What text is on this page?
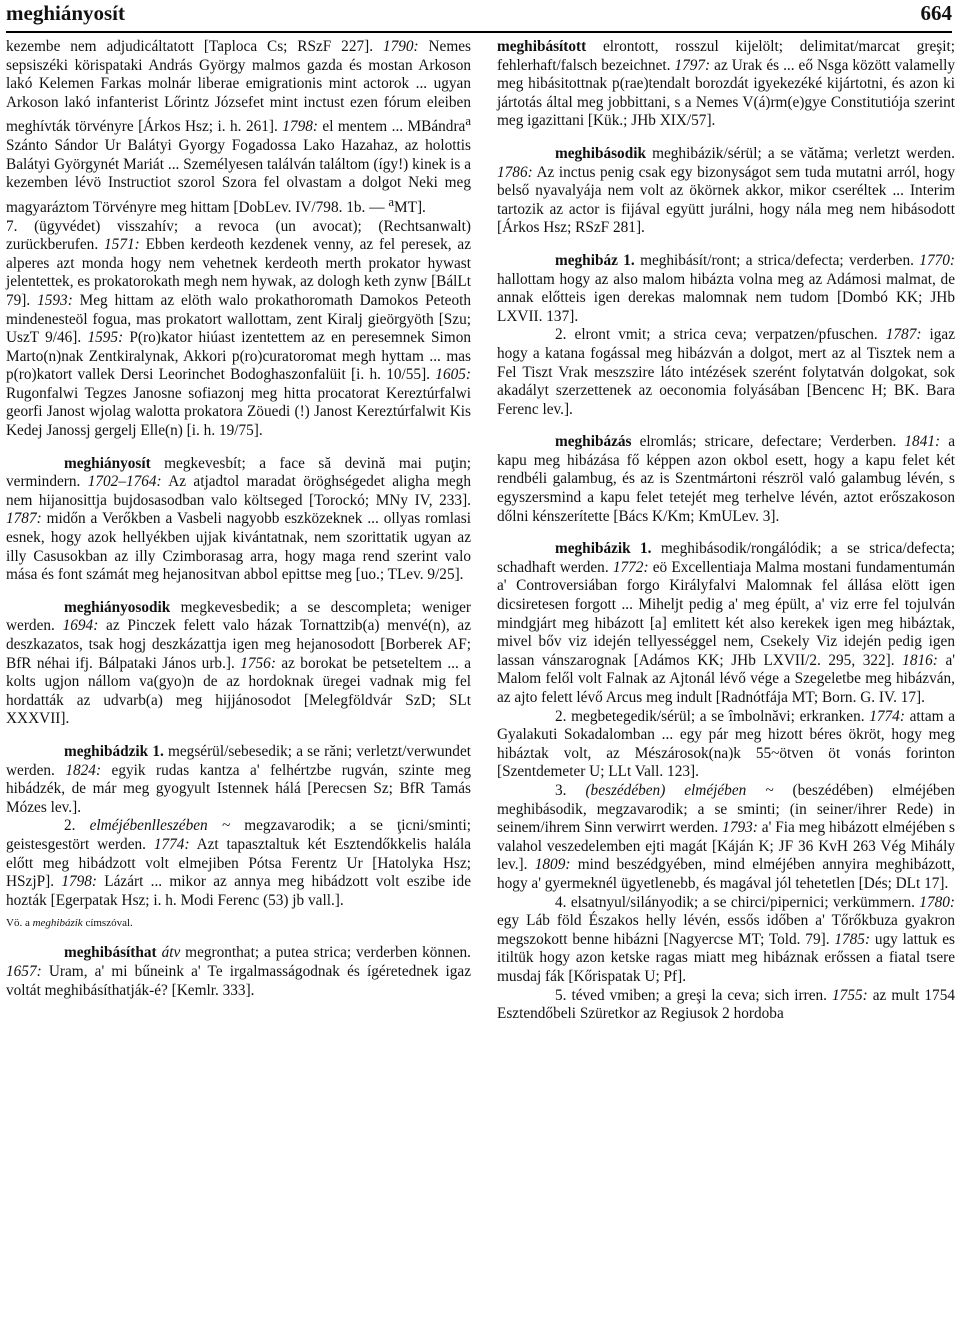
meghiányosít	664

kezembe nem adjudicáltatott [Taploca Cs; RSzF 227]. 1790: Nemes sepsiszéki körispataki András György malmos gazda és mostan Arkoson lakó Kelemen Farkas molnár liberae emigrationis mint actorok ... ugyan Arkoson lakó infanterist Lőrintz Józsefet mint inctust ezen fórum eleiben meghívták törvényre [Árkos Hsz; i. h. 261]. 1798: el mentem ... MBándra$^a$ Szánto Sándor Ur Balátyi Gyorgy Fogadossa Lako Hazahaz, az holottis Balátyi Györgynét Mariát ... Személyesen találván találtom (így!) kinek is a kezemben lévö Instructiot szorol Szora fel olvastam a dolgot Neki meg magyaráztom Törvényre meg hittam [DobLev. IV/798. 1b. — $^a$MT].

7. (ügyvédet) visszahív; a revoca (un avocat); (Rechtsanwalt) zurückberufen. 1571: Ebben kerdeoth kezdenek venny, az fel peresek, az alperes azt monda hogy nem vehetnek kerdeoth merth prokator hywast jelentettek, es prokatorokath megh nem hywak, az dologh keth zynw [BálLt 79]. 1593: Meg hittam az elöth walo prokathoromath Damokos Peteoth mindenesteöl fogua, mas prokatort wallottam, zent Kiralj gieörgyöth [Szu; UszT 9/46]. 1595: P(ro)kator hiúast izentettem az en peresemnek Simon Marto(n)nak Zentkiralynak, Akkori p(ro)curatoromat megh hyttam ... mas p(ro)katort vallek Dersi Leorinchet Bodoghaszonfalüit [i. h. 10/55]. 1605: Rugonfalwi Tegzes Janosne sofiazonj meg hitta procatorat Kereztúrfalwi georfi Janost wjolag walotta prokatora Zöuedi (!) Janost Kereztúrfalwit Kis Kedej Janossj gergelj Elle(n) [i. h. 19/75].

meghiányosít megkevesbít; a face să devină mai puţin; vermindern. 1702–1764: Az atjadtol maradat öröghségedet aligha megh nem hijanosittja bujdosasodban valo költseged [Torockó; MNy IV, 233]. 1787: midőn a Verőkben a Vasbeli nagyobb eszközeknek ... ollyas romlasi esnek, hogy azok hellyékben ujjak kivántatnak, nem szorittatik ugyan az illy Casusokban az illy Czimborasag arra, hogy maga rend szerint valo mása és font számát meg hejanositvan abbol epittse meg [uo.; TLev. 9/25].

meghiányosodik megkevesbedik; a se descompleta; weniger werden. 1694: az Pinczek felett valo házak Tornattzib(a) menvé(n), az deszkazatos, tsak hogj deszkázattja igen meg hejanosodott [Borberek AF; BfR néhai ifj. Bálpataki János urb.]. 1756: az borokat be petseteltem ... a kolts ugjon nállom va(gyo)n de az hordoknak üregei vadnak mig fel hordatták az udvarb(a) meg hijjánosodot [Melegföldvár SzD; SLt XXXVII].

meghibádzik 1. megsérül/sebesedik; a se răni; verletzt/verwundet werden. 1824: egyik rudas kantza a' felhértzbe rugván, szinte meg hibádzék, de már meg gyogyult Istennek hálá [Perecsen Sz; BfR Tamás Mózes lev.].

2. elméjébenlleszében ~ megzavarodik; a se ţicni/sminti; geistesgestört werden. 1774: Azt tapasztaltuk két Esztendőkkelis halála előtt meg hibádzott volt elmejiben Pótsa Ferentz Ur [Hatolyka Hsz; HSzjP]. 1798: Lázárt ... mikor az annya meg hibádzott volt eszibe ide hozták [Egerpatak Hsz; i. h. Modi Ferenc (53) jb vall.].

Vö. a meghibázik címszóval.

meghibásíthat átv megronthat; a putea strica; verderben können. 1657: Uram, a' mi bűneink a' Te irgalmasságodnak és ígéretednek igaz voltát meghibásíthatják-é? [Kemlr. 333].

meghibásított elrontott, rosszul kijelölt; delimitat/marcat greşit; fehlerhaft/falsch bezeichnet. 1797: az Urak és ... eő Nsga között valamelly meg hibásitottnak p(rae)tendalt borozdát igyekezéké kijártotni, és azon ki jártotás által meg jobbittani, s a Nemes V(á)rm(e)gye Constitutiója szerint meg igazittani [Kük.; JHb XIX/57].

meghibásodik meghibázik/sérül; a se vătăma; verletzt werden. 1786: Az inctus penig csak egy bizonyságot sem tuda mutatni arról, hogy belső nyavalyája nem volt az ökörnek akkor, mikor cseréltek ... Interim tartozik az actor is fijával együtt jurálni, hogy nála meg nem hibásodott [Árkos Hsz; RSzF 281].

meghibáz 1. meghibásít/ront; a strica/defecta; verderben. 1770: hallottam hogy az also malom hibázta volna meg az Adámosi malmat, de annak előtteis igen derekas malomnak nem tudom [Dombó KK; JHb LXVII. 137].

2. elront vmit; a strica ceva; verpatzen/pfuschen. 1787: igaz hogy a katana fogással meg hibázván a dolgot, mert az al Tisztek nem a Fel Tiszt Vrak meszszire láto intézések szerént folytatván dolgokat, sok akadályt szerzettenek az oeconomia folyásában [Bencenc H; BK. Bara Ferenc lev.].

meghibázás elromlás; stricare, defectare; Verderben. 1841: a kapu meg hibázása fő képpen azon okbol esett, hogy a kapu felet két rendbéli galambug, és az is Szentmártoni részröl való galambug lévén, s egyszersmind a kapu felet tetejét meg terhelve lévén, aztot erőszakoson dőlni kénszerítette [Bács K/Km; KmULev. 3].

meghibázik 1. meghibásodik/rongálódik; a se strica/defecta; schadhaft werden. 1772: eö Excellentiaja Malma mostani fundamentumán a' Controversiában forgo Királyfalvi Malomnak fel állása elött igen dicsiretesen forgott ... Miheljt pedig a' meg épült, a' viz erre fel tojulván mindgjárt meg hibázott [a] emlitett két also kerekek igen meg hibáztak, mivel bőv viz idején tellyességgel nem, Csekely Viz idején pedig igen lassan vánszarognak [Adámos KK; JHb LXVII/2. 295, 322]. 1816: a' Malom felől volt Falnak az Ajtonál lévő vége a Szegeletbe meg hibázván, az ajto felett lévő Arcus meg indult [Radnótfája MT; Born. G. IV. 17].

2. megbetegedik/sérül; a se îmbolnăvi; erkranken. 1774: attam a Gyalakuti Sokadalomban ... egy pár meg hizott béres ökröt, hogy meg hibáztak volt, az Mészárosok(na)k 55~ötven öt vonás forinton [Szentdemeter U; LLt Vall. 123].

3. (beszédében) elméjében ~ (beszédében) elméjében meghibásodik, megzavarodik; a se sminti; (in seiner/ihrer Rede) in seinem/ihrem Sinn verwirrt werden. 1793: a' Fia meg hibázott elméjében s valahol veszedelemben ejti magát [Káján K; JF 36 KvH 263 Vég Mihály lev.]. 1809: mind beszédgyében, mind elméjében annyira meghibázott, hogy a' gyermeknél ügyetlenebb, és magával jól tehetetlen [Dés; DLt 17].

4. elsatnyul/silányodik; a se chirci/pipernici; verkümmern. 1780: egy Láb föld Északos helly lévén, essős időben a' Tőrőkbuza gyakron megszokott benne hibázni [Nagyercse MT; Told. 79]. 1785: ugy lattuk es itiltük hogy azon ketske ragas miatt meg hibáznak erőssen a fiatal tsere musdaj fák [Kőrispatak U; Pf].

5. téved vmiben; a greşi la ceva; sich irren. 1755: az mult 1754 Esztendőbeli Szüretkor az Regiusok 2 hordoba
